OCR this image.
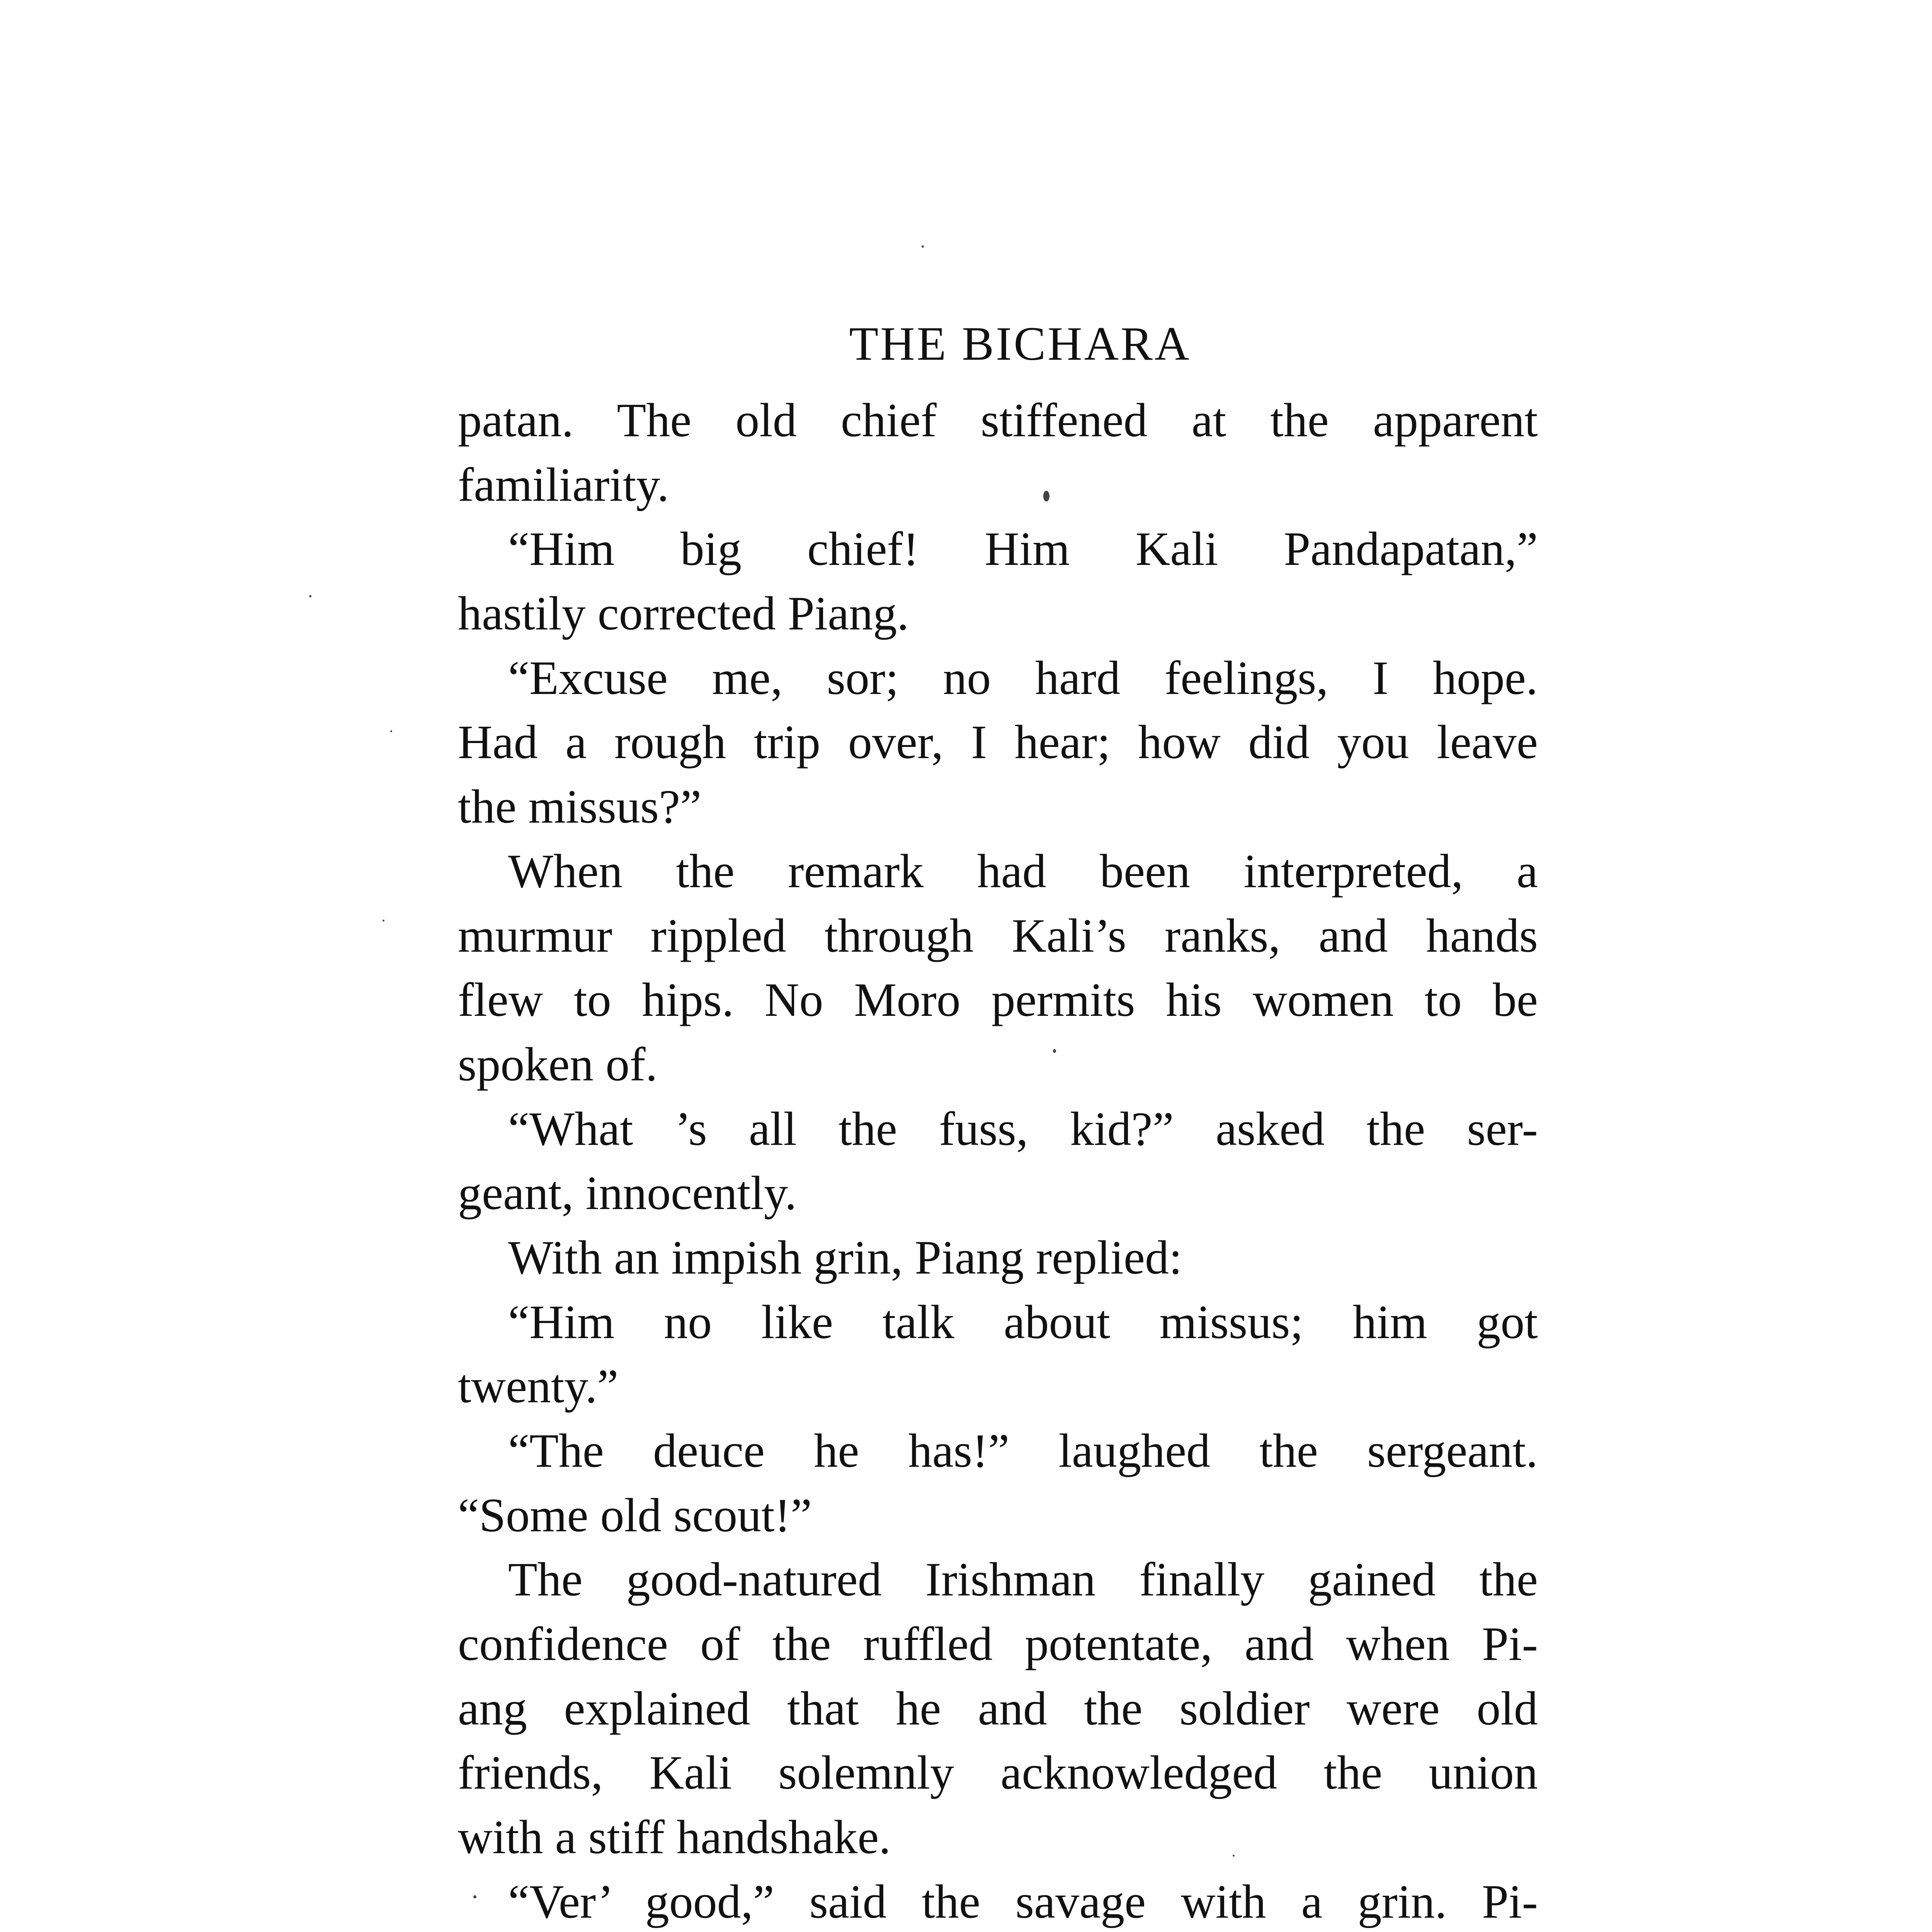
THE BICHARA
patan. The old chief stiffened at the apparent
familiarity.
“Him big chief! Him Kali Pandapatan,”
hastily corrected Piang.
“Excuse me, sor; no hard feelings, I hope.
Had a rough trip over, I hear; how did you leave
the missus?”
When the remark had been interpreted, a
murmur rippled through Kali’s ranks, and hands
flew to hips. No Moro permits his women to be
spoken of.
“What ’s all the fuss, kid?” asked the ser-
geant, innocently.
With an impish grin, Piang replied:
“Him no like talk about missus; him got
twenty.”
“The deuce he has!” laughed the sergeant.
“Some old scout!”
The good-natured Irishman finally gained the
confidence of the ruffled potentate, and when Pi-
ang explained that he and the soldier were old
friends, Kali solemnly acknowledged the union
with a stiff handshake.
“Ver’ good,” said the savage with a grin. Pi-
